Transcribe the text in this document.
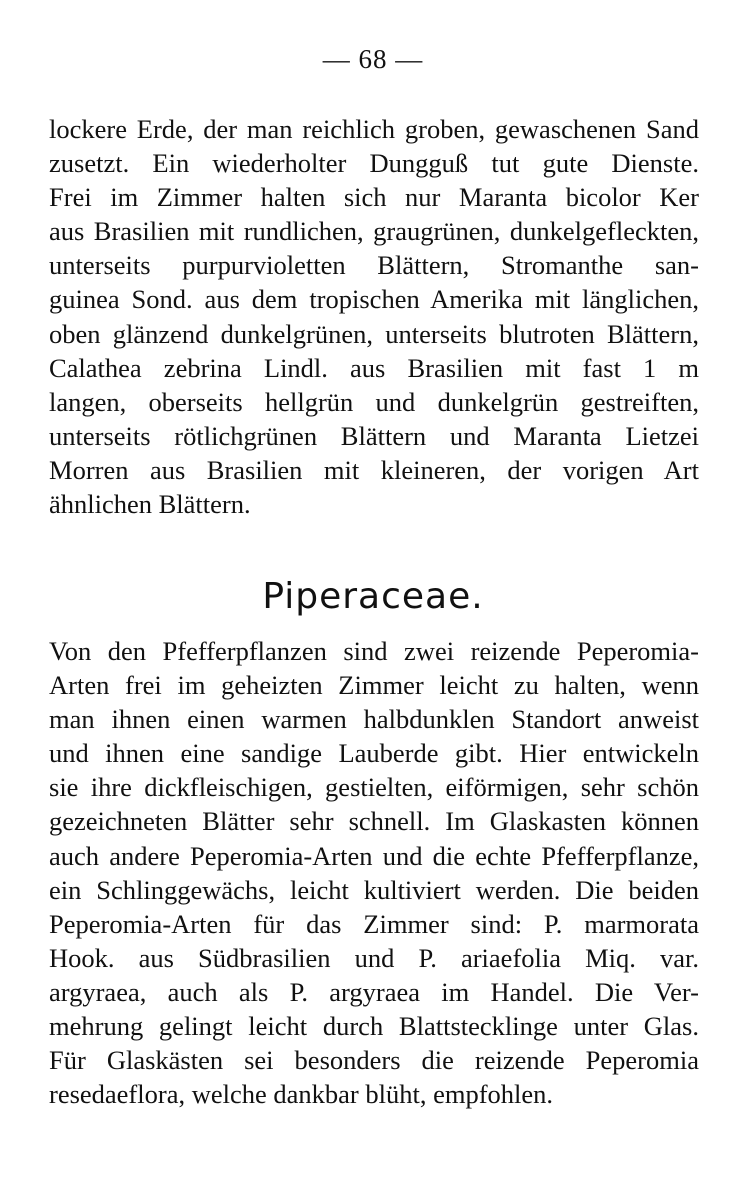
— 68 —
lockere Erde, der man reichlich groben, gewaschenen Sand
zusetzt. Ein wiederholter Dungguß tut gute Dienste.
Frei im Zimmer halten sich nur Maranta bicolor Ker
aus Brasilien mit rundlichen, graugrünen, dunkelgefleckten,
unterseits purpurvioletten Blättern, Stromanthe san-
guinea Sond. aus dem tropischen Amerika mit länglichen,
oben glänzend dunkelgrünen, unterseits blutroten Blättern,
Calathea zebrina Lindl. aus Brasilien mit fast 1 m
langen, oberseits hellgrün und dunkelgrün gestreiften,
unterseits rötlichgrünen Blättern und Maranta Lietzei
Morren aus Brasilien mit kleineren, der vorigen Art
ähnlichen Blättern.
Piperaceae.
Von den Pfefferpflanzen sind zwei reizende Peperomia-
Arten frei im geheizten Zimmer leicht zu halten, wenn
man ihnen einen warmen halbdunklen Standort anweist
und ihnen eine sandige Lauberde gibt. Hier entwickeln
sie ihre dickfleischigen, gestielten, eiförmigen, sehr schön
gezeichneten Blätter sehr schnell. Im Glaskasten können
auch andere Peperomia-Arten und die echte Pfefferpflanze,
ein Schlinggewächs, leicht kultiviert werden. Die beiden
Peperomia-Arten für das Zimmer sind: P. marmorata
Hook. aus Südbrasilien und P. ariaefolia Miq. var.
argyraea, auch als P. argyraea im Handel. Die Ver-
mehrung gelingt leicht durch Blattstecklinge unter Glas.
Für Glaskästen sei besonders die reizende Peperomia
resedaeflora, welche dankbar blüht, empfohlen.
